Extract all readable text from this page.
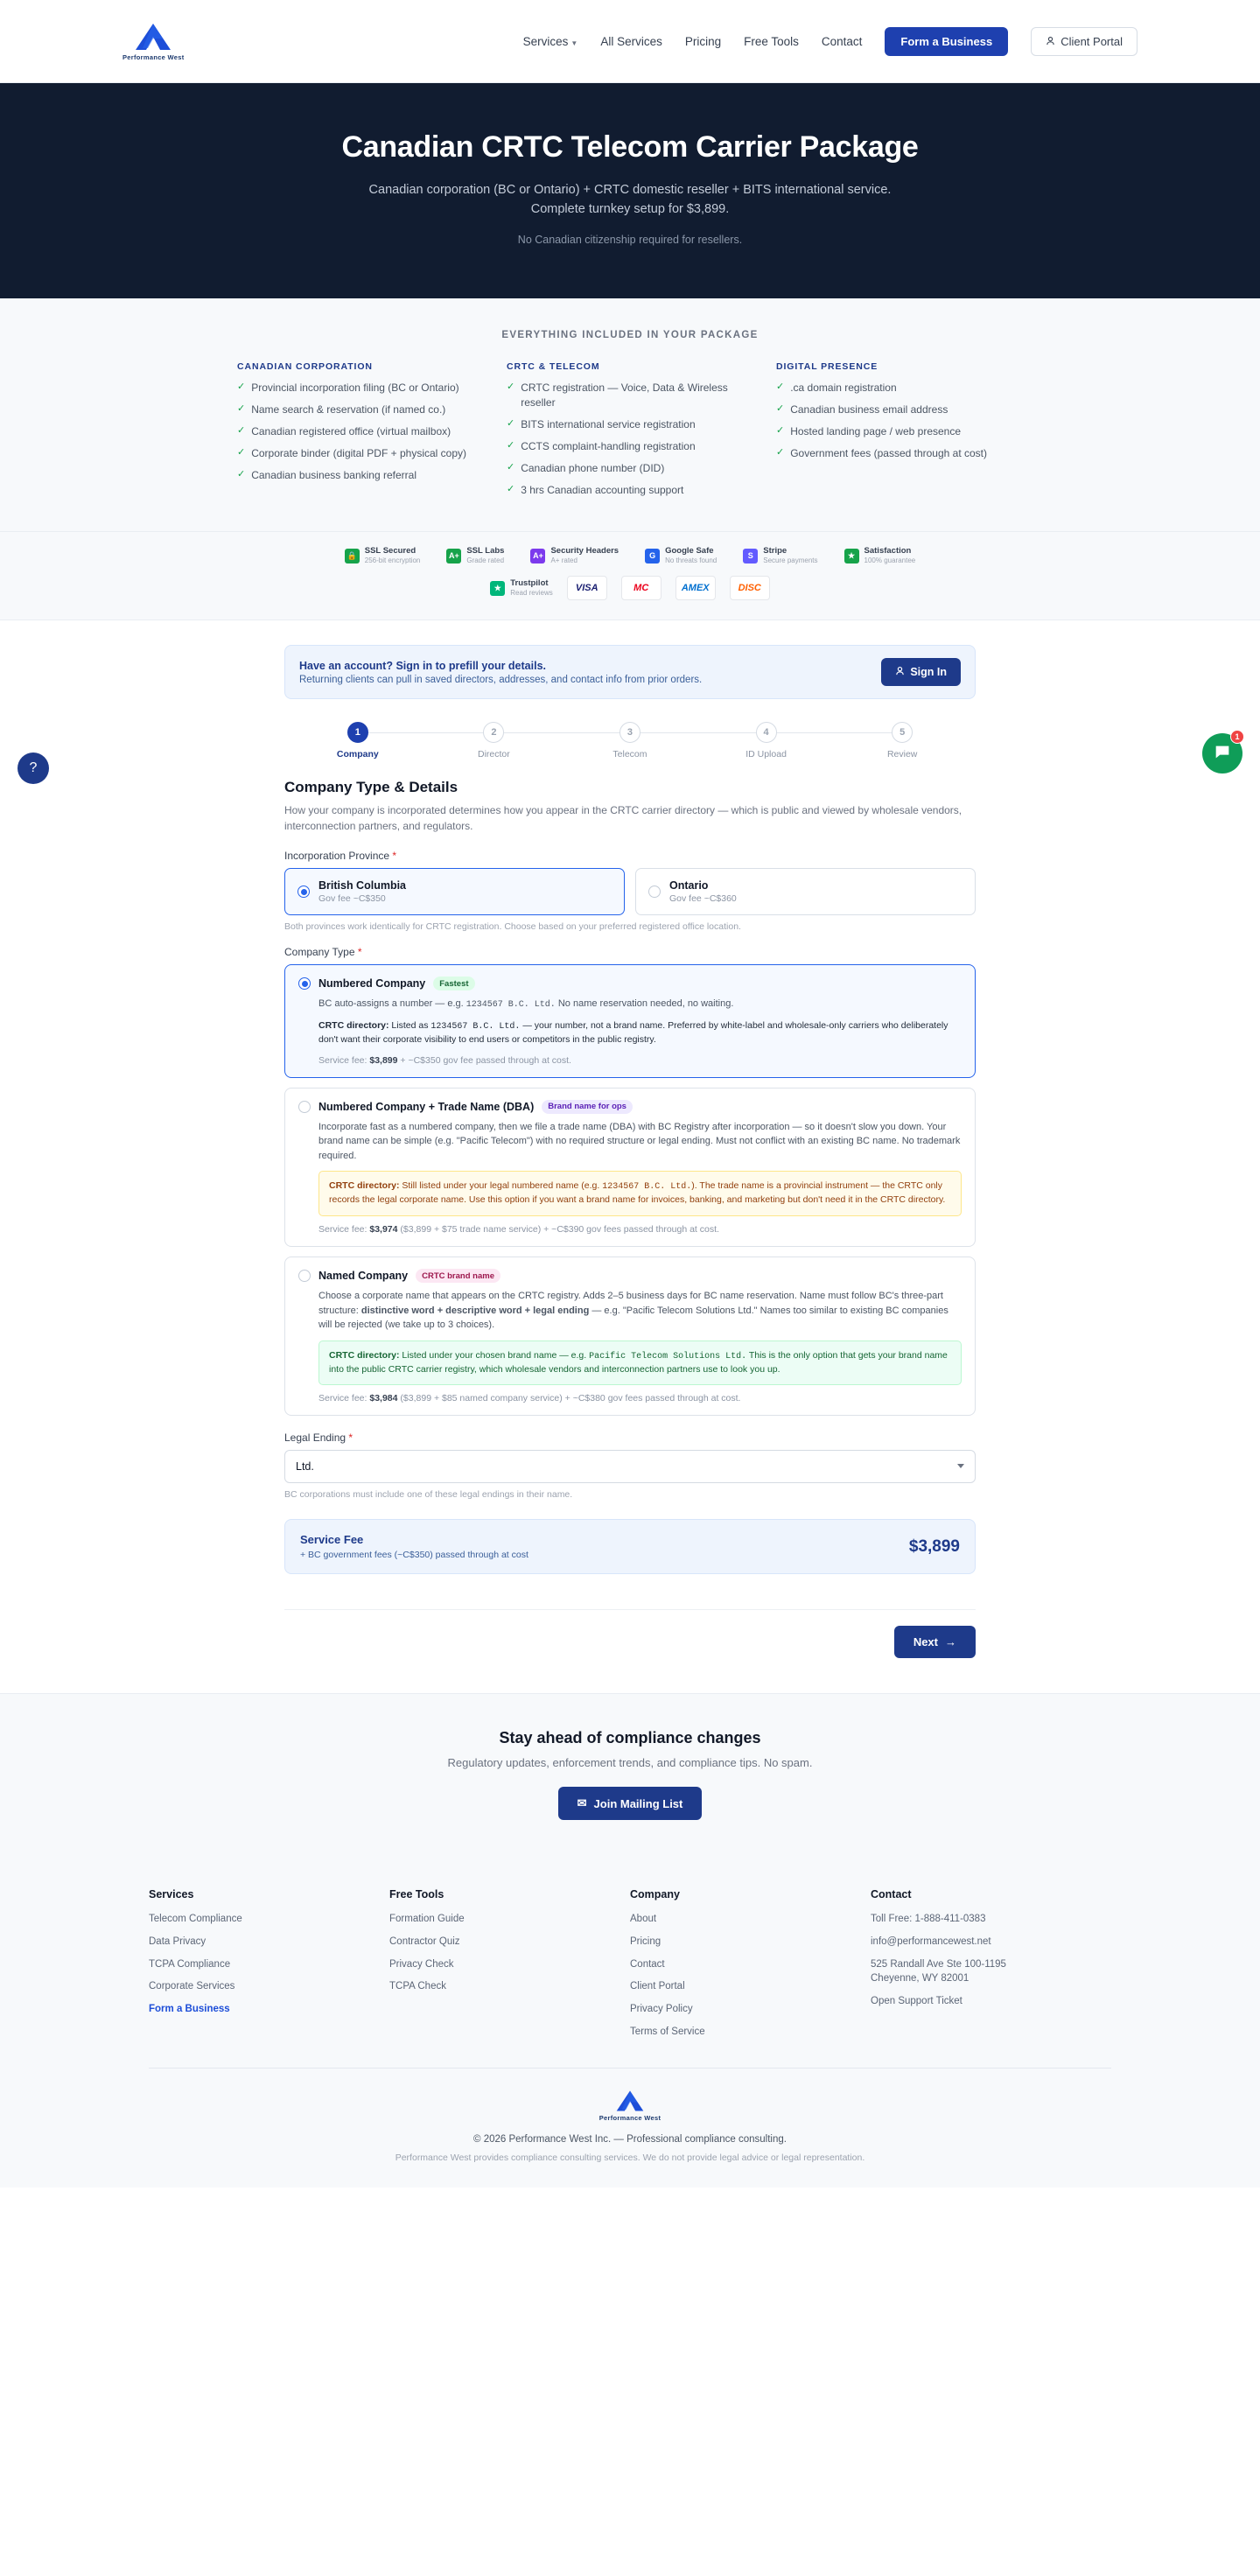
Performance West
Services ▼ All Services Pricing Free Tools Contact	Form a Business	Client Portal
Canadian CRTC Telecom Carrier Package

Canadian corporation (BC or Ontario) + CRTC domestic reseller + BITS international service. Complete turnkey setup for $3,899.

No Canadian citizenship required for resellers.

EVERYTHING INCLUDED IN YOUR PACKAGE
CANADIAN CORPORATION
✓ Provincial incorporation filing (BC or Ontario)
✓ Name search & reservation (if named co.)
✓ Canadian registered office (virtual mailbox)
✓ Corporate binder (digital PDF + physical copy)
✓ Canadian business banking referral
CRTC & TELECOM
✓ CRTC registration — Voice, Data & Wireless reseller
✓ BITS international service registration
✓ CCTS complaint-handling registration
✓ Canadian phone number (DID)
✓ 3 hrs Canadian accounting support
DIGITAL PRESENCE
✓ .ca domain registration
✓ Canadian business email address
✓ Hosted landing page / web presence
✓ Government fees (passed through at cost)
🔒 SSL Secured
256-bit encryption
A+ SSL Labs
Grade rated
A+ Security Headers
A+ rated
G	Google Safe
No threats found
S	Stripe
Secure payments
★	Satisfaction
100% guarantee
★	Trustpilot
Read reviews	VISA	MC	AMEX	DISC
Have an account? Sign in to prefill your details.
Returning clients can pull in saved directors, addresses, and contact info from prior orders.
Sign In
1
Company
2
Director
3
Telecom
4
ID Upload
5
Review
Company Type & Details

How your company is incorporated determines how you appear in the CRTC carrier directory — which is public and viewed by wholesale vendors, interconnection partners, and regulators.

Incorporation Province *
British Columbia
Gov fee ~C$350
Ontario
Gov fee ~C$360
Both provinces work identically for CRTC registration. Choose based on your preferred registered office location.
Company Type *
Numbered Company	Fastest
BC auto-assigns a number — e.g. 1234567 B.C. Ltd. No name reservation needed, no waiting.
CRTC directory: Listed as 1234567 B.C. Ltd. — your number, not a brand name. Preferred by white-label and wholesale-only carriers who deliberately don't want their corporate visibility to end users or competitors in the public registry.
Service fee: $3,899 + ~C$350 gov fee passed through at cost.
Numbered Company + Trade Name (DBA)	Brand name for ops
Incorporate fast as a numbered company, then we file a trade name (DBA) with BC Registry after incorporation — so it doesn't slow you down. Your brand name can be simple (e.g. "Pacific Telecom") with no required structure or legal ending. Must not conflict with an existing BC name. No trademark required.
CRTC directory: Still listed under your legal numbered name (e.g. 1234567 B.C. Ltd.). The trade name is a provincial instrument — the CRTC only records the legal corporate name. Use this option if you want a brand name for invoices, banking, and marketing but don't need it in the CRTC directory.
Service fee: $3,974 ($3,899 + $75 trade name service) + ~C$390 gov fees passed through at cost.
Named Company	CRTC brand name
Choose a corporate name that appears on the CRTC registry. Adds 2–5 business days for BC name reservation. Name must follow BC's three-part structure: distinctive word + descriptive word + legal ending — e.g. "Pacific Telecom Solutions Ltd." Names too similar to existing BC companies will be rejected (we take up to 3 choices).
CRTC directory: Listed under your chosen brand name — e.g. Pacific Telecom Solutions Ltd. This is the only option that gets your brand name into the public CRTC carrier registry, which wholesale vendors and interconnection partners use to look you up.
Service fee: $3,984 ($3,899 + $85 named company service) + ~C$380 gov fees passed through at cost.
Legal Ending *
Ltd.
BC corporations must include one of these legal endings in their name.
Service Fee
+ BC government fees (~C$350) passed through at cost	$3,899
Next →
Stay ahead of compliance changes

Regulatory updates, enforcement trends, and compliance tips. No spam.

✉ Join Mailing List
Services
Telecom Compliance
Data Privacy
TCPA Compliance
Corporate Services
Form a Business
Free Tools
Formation Guide
Contractor Quiz
Privacy Check
TCPA Check
Company
About
Pricing
Contact
Client Portal
Privacy Policy
Terms of Service
Contact
Toll Free: 1-888-411-0383
info@performancewest.net
525 Randall Ave Ste 100-1195
Cheyenne, WY 82001
Open Support Ticket
Performance West
© 2026 Performance West Inc. — Professional compliance consulting.
Performance West provides compliance consulting services. We do not provide legal advice or legal representation.
?
1
